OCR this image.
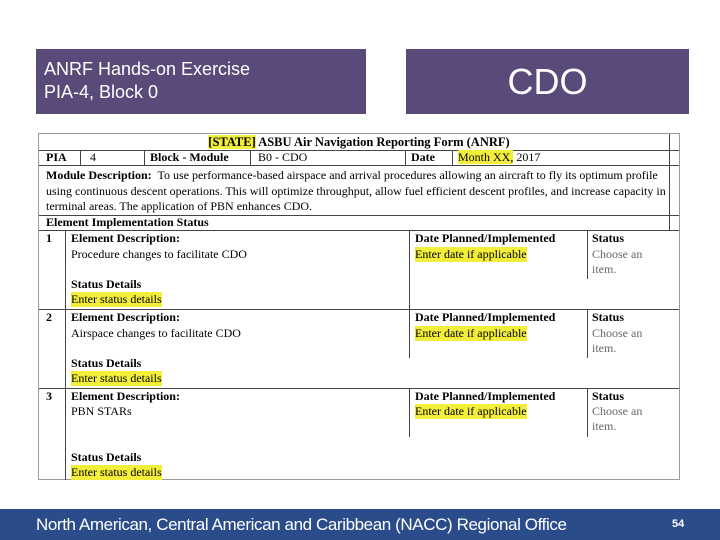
ANRF Hands-on Exercise
PIA-4, Block 0	CDO
[STATE] ASBU Air Navigation Reporting Form (ANRF)
PIA 4	Block - Module B0 - CDO	Date Month XX, 2017
Module Description: To use performance-based airspace and arrival procedures allowing an aircraft to fly its optimum profile using continuous descent operations. This will optimize throughput, allow fuel efficient descent profiles, and increase capacity in terminal areas. The application of PBN enhances CDO.
Element Implementation Status
1 Element Description:
Procedure changes to facilitate CDO
Date Planned/Implemented
Enter date if applicable
Status
Choose an
item.
Status Details
Enter status details
2 Element Description:
Airspace changes to facilitate CDO
Date Planned/Implemented
Enter date if applicable
Status
Choose an
item.
Status Details
Enter status details
3 Element Description:
PBN STARs
Date Planned/Implemented
Enter date if applicable
Status
Choose an
item.
Status Details
Enter status details
North American, Central American and Caribbean (NACC) Regional Office	54
